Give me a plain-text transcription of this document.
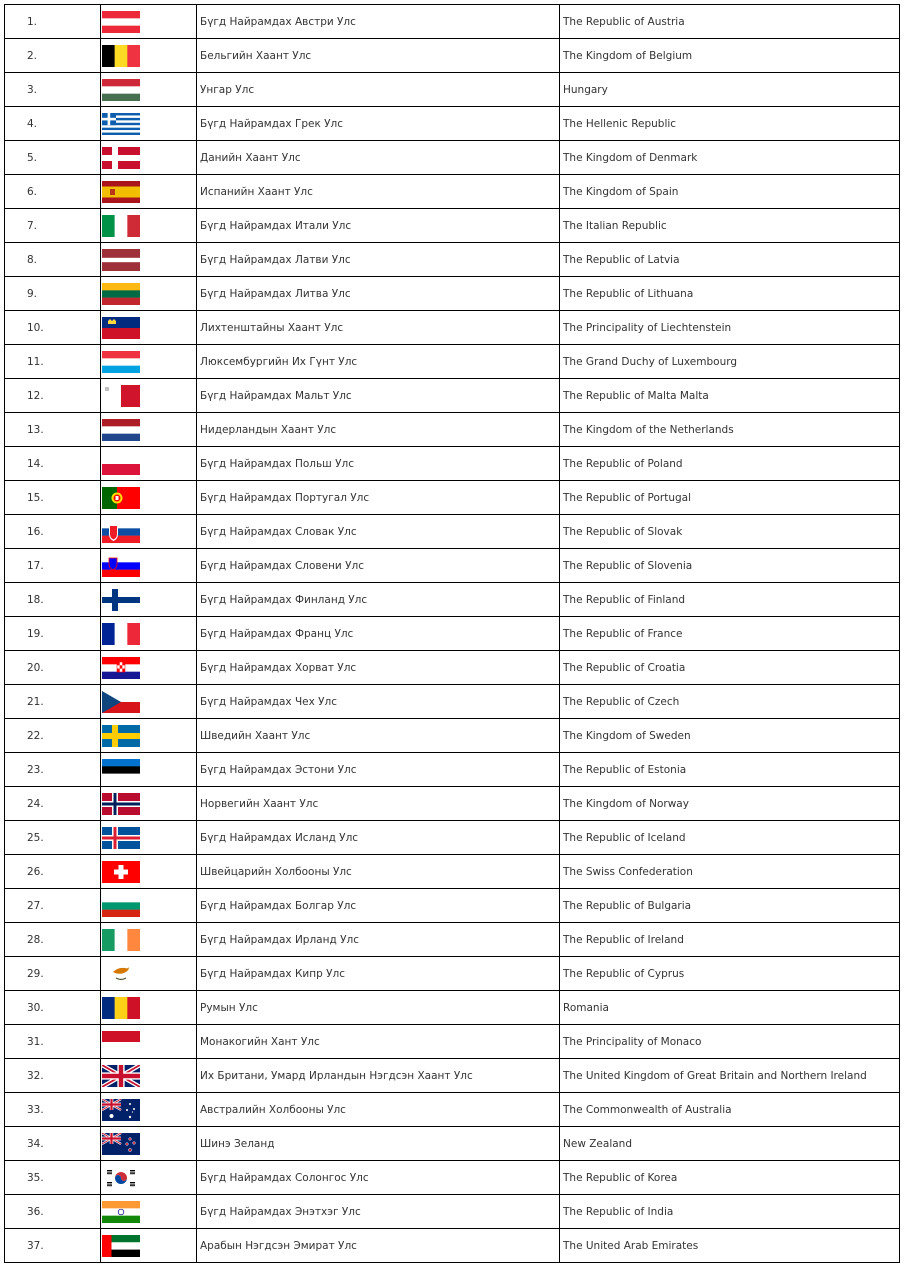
1.		Бүгд Найрамдах Австри Улс	The Republic of Austria
2.		Бельгийн Хаант Улс	The Kingdom of Belgium
3.		Унгар Улс	Hungary
4.		Бүгд Найрамдах Грек Улс	The Hellenic Republic
5.		Данийн Хаант Улс	The Kingdom of Denmark
6.		Испанийн Хаант Улс	The Kingdom of Spain
7.		Бүгд Найрамдах Итали Улс	The Italian Republic
8.		Бүгд Найрамдах Латви Улс	The Republic of Latvia
9.		Бүгд Найрамдах Литва Улс	The Republic of Lithuana
10.		Лихтенштайны Хаант Улс	The Principality of Liechtenstein
11.		Люксембургийн Их Гүнт Улс	The Grand Duchy of Luxembourg
12.		Бүгд Найрамдах Мальт Улс	The Republic of Malta Malta
13.		Нидерландын Хаант Улс	The Kingdom of the Netherlands
14.		Бүгд Найрамдах Польш Улс	The Republic of Poland
15.		Бүгд Найрамдах Португал Улс	The Republic of Portugal
16.		Бүгд Найрамдах Словак Улс	The Republic of Slovak
17.		Бүгд Найрамдах Словени Улс	The Republic of Slovenia
18.		Бүгд Найрамдах Финланд Улс	The Republic of Finland
19.		Бүгд Найрамдах Франц Улс	The Republic of France
20.		Бүгд Найрамдах Хорват Улс	The Republic of Croatia
21.		Бүгд Найрамдах Чех Улс	The Republic of Czech
22.		Шведийн Хаант Улс	The Kingdom of Sweden
23.		Бүгд Найрамдах Эстони Улс	The Republic of Estonia
24.		Норвегийн Хаант Улс	The Kingdom of Norway
25.		Бүгд Найрамдах Исланд Улс	The Republic of Iceland
26.		Швейцарийн Холбооны Улс	The Swiss Confederation
27.		Бүгд Найрамдах Болгар Улс	The Republic of Bulgaria
28.		Бүгд Найрамдах Ирланд Улс	The Republic of Ireland
29.		Бүгд Найрамдах Кипр Улс	The Republic of Cyprus
30.		Румын Улс	Romania
31.		Монакогийн Хант Улс	The Principality of Monaco
32.		Их Британи, Умард Ирландын Нэгдсэн Хаант Улс	The United Kingdom of Great Britain and Northern Ireland
33.		Австралийн Холбооны Улс	The Commonwealth of Australia
34.		Шинэ Зеланд	New Zealand
35.		Бүгд Найрамдах Солонгос Улс	The Republic of Korea
36.		Бүгд Найрамдах Энэтхэг Улс	The Republic of India
37.		Арабын Нэгдсэн Эмират Улс	The United Arab Emirates
